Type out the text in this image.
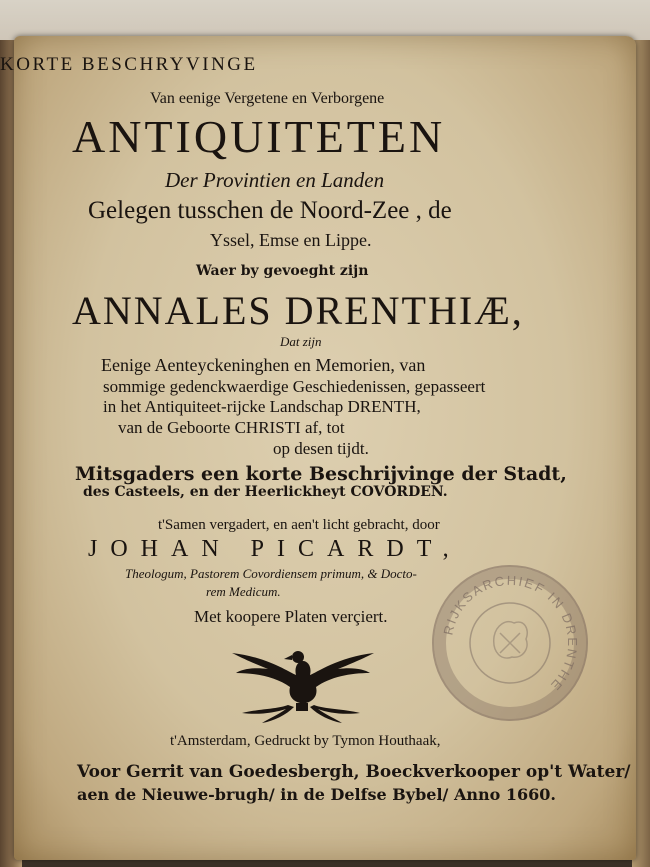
KORTE BESCHRYVINGE
Van eenige Vergetene en Verborgene
ANTIQUITETEN
Der Provintien en Landen
Gelegen tusschen de Noord-Zee , de
Yssel, Emse en Lippe.
Waer by gevoeght zijn
ANNALES DRENTHIÆ,
Dat zijn
Eenige Aenteyckeninghen en Memorien, van
sommige gedenckwaerdige Geschiedenissen, gepasseert
in het Antiquiteet-rijcke Landschap DRENTH,
van de Geboorte CHRISTI af, tot
op desen tijdt.
Mitsgaders een korte Beschrijvinge der Stadt,
des Casteels, en der Heerlickheyt COVORDEN.
t'Samen vergadert, en aen't licht gebracht, door
JOHAN PICARDT,
Theologum, Pastorem Covordiensem primum, & Docto-
rem Medicum.
Met koopere Platen verçiert.
RIJKSARCHIEF IN DRENTHE
t'Amsterdam, Gedruckt by Tymon Houthaak,
Voor Gerrit van Goedesbergh, Boeckverkooper op't Water/
aen de Nieuwe-brugh/ in de Delfse Bybel/ Anno 1660.
